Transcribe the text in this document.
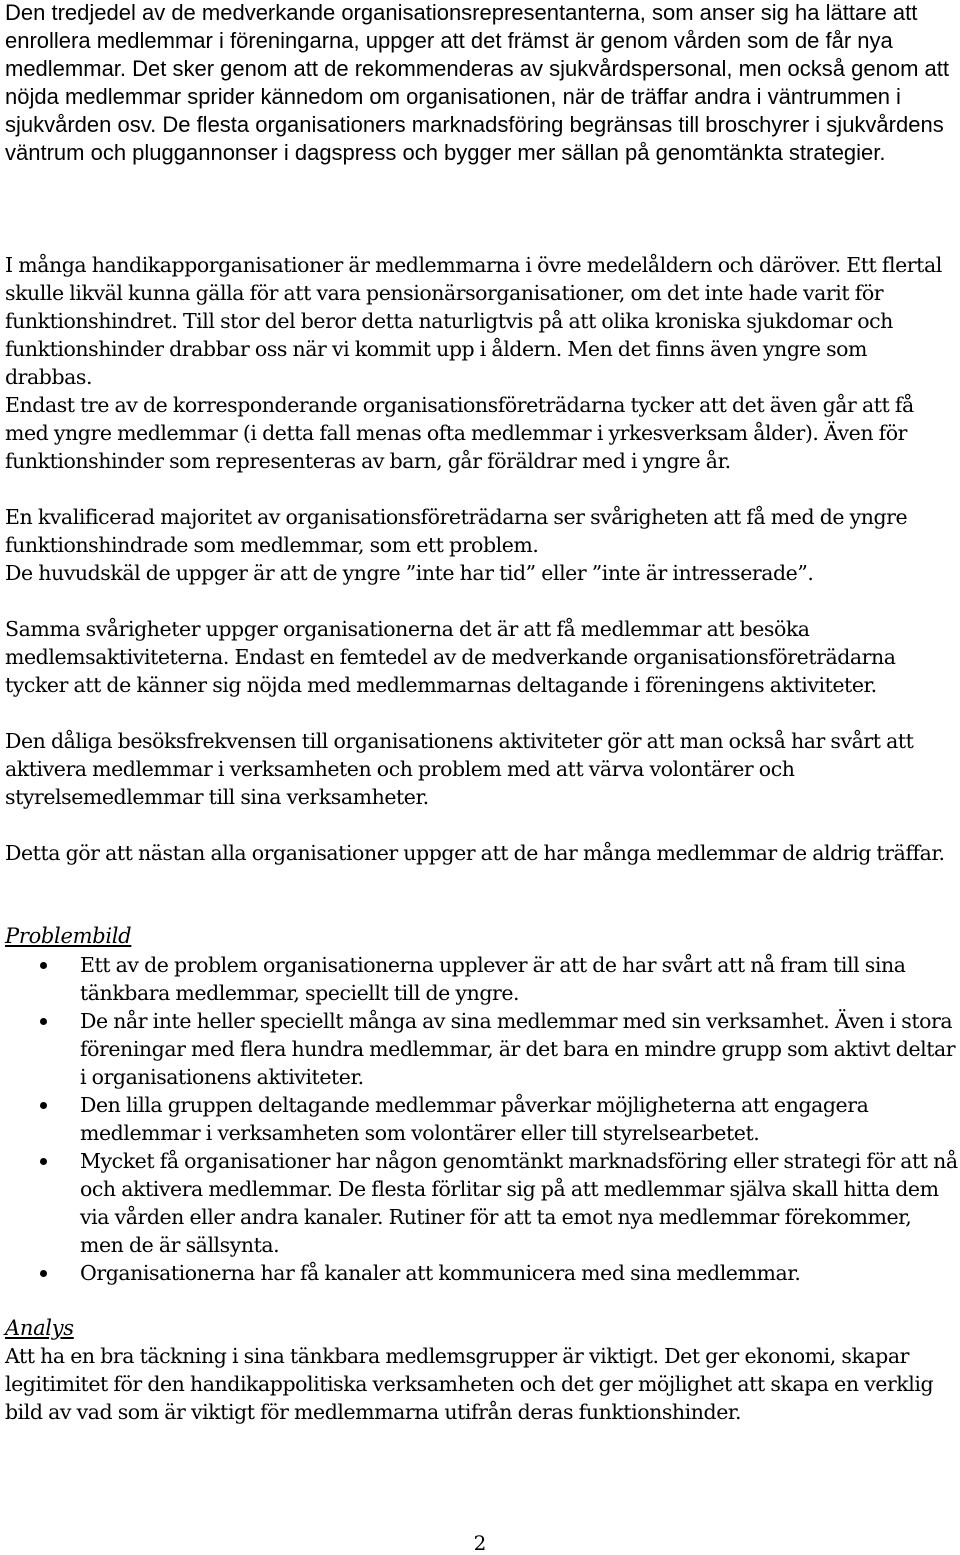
Den tredjedel av de medverkande organisationsrepresentanterna, som anser sig ha lättare att enrollera medlemmar i föreningarna, uppger att det främst är genom vården som de får nya medlemmar. Det sker genom att de rekommenderas av sjukvårdspersonal, men också genom att nöjda medlemmar sprider kännedom om organisationen, när de träffar andra i väntrummen i sjukvården osv. De flesta organisationers marknadsföring begränsas till broschyrer i sjukvårdens väntrum och pluggannonser i dagspress och bygger mer sällan på genomtänkta strategier.

I många handikapporganisationer är medlemmarna i övre medelåldern och däröver. Ett flertal skulle likväl kunna gälla för att vara pensionärsorganisationer, om det inte hade varit för funktionshindret. Till stor del beror detta naturligtvis på att olika kroniska sjukdomar och funktionshinder drabbar oss när vi kommit upp i åldern. Men det finns även yngre som drabbas.

Endast tre av de korresponderande organisationsföreträdarna tycker att det även går att få med yngre medlemmar (i detta fall menas ofta medlemmar i yrkesverksam ålder). Även för funktionshinder som representeras av barn, går föräldrar med i yngre år.

En kvalificerad majoritet av organisationsföreträdarna ser svårigheten att få med de yngre funktionshindrade som medlemmar, som ett problem.

De huvudskäl de uppger är att de yngre ”inte har tid” eller ”inte är intresserade”.

Samma svårigheter uppger organisationerna det är att få medlemmar att besöka medlemsaktiviteterna. Endast en femtedel av de medverkande organisationsföreträdarna tycker att de känner sig nöjda med medlemmarnas deltagande i föreningens aktiviteter.

Den dåliga besöksfrekvensen till organisationens aktiviteter gör att man också har svårt att aktivera medlemmar i verksamheten och problem med att värva volontärer och styrelsemedlemmar till sina verksamheter.

Detta gör att nästan alla organisationer uppger att de har många medlemmar de aldrig träffar.

Problembild

Ett av de problem organisationerna upplever är att de har svårt att nå fram till sina tänkbara medlemmar, speciellt till de yngre.
De når inte heller speciellt många av sina medlemmar med sin verksamhet. Även i stora föreningar med flera hundra medlemmar, är det bara en mindre grupp som aktivt deltar i organisationens aktiviteter.
Den lilla gruppen deltagande medlemmar påverkar möjligheterna att engagera medlemmar i verksamheten som volontärer eller till styrelsearbetet.
Mycket få organisationer har någon genomtänkt marknadsföring eller strategi för att nå och aktivera medlemmar. De flesta förlitar sig på att medlemmar själva skall hitta dem via vården eller andra kanaler. Rutiner för att ta emot nya medlemmar förekommer, men de är sällsynta.
Organisationerna har få kanaler att kommunicera med sina medlemmar.

Analys

Att ha en bra täckning i sina tänkbara medlemsgrupper är viktigt. Det ger ekonomi, skapar legitimitet för den handikappolitiska verksamheten och det ger möjlighet att skapa en verklig bild av vad som är viktigt för medlemmarna utifrån deras funktionshinder.

2
